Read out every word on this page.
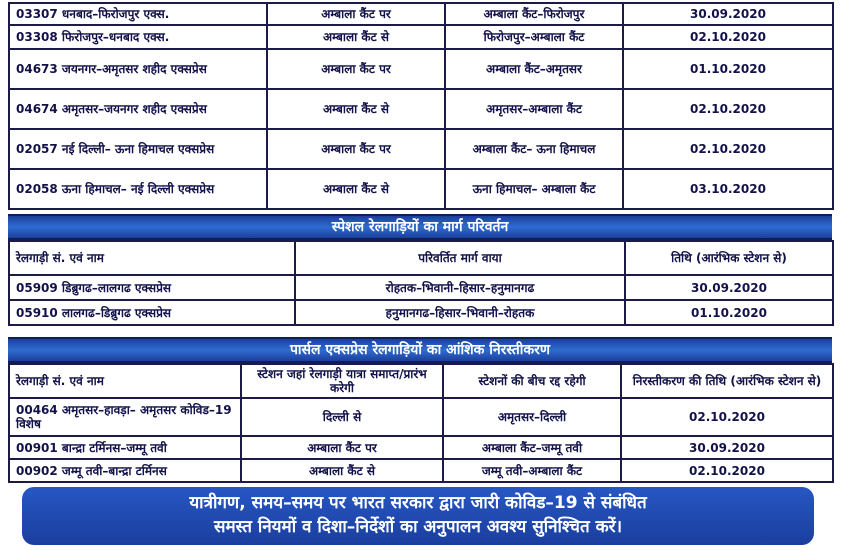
03307 धनबाद–फिरोजपुर एक्स.	अम्बाला कैंट पर	अम्बाला कैंट–फिरोजपुर	30.09.2020
03308 फिरोजपुर–धनबाद एक्स.	अम्बाला कैंट से	फिरोजपुर–अम्बाला कैंट	02.10.2020
04673 जयनगर–अमृतसर शहीद एक्सप्रेस	अम्बाला कैंट पर	अम्बाला कैंट–अमृतसर	01.10.2020
04674 अमृतसर–जयनगर शहीद एक्सप्रेस	अम्बाला कैंट से	अमृतसर–अम्बाला कैंट	02.10.2020
02057 नई दिल्ली– ऊना हिमाचल एक्सप्रेस	अम्बाला कैंट पर	अम्बाला कैंट– ऊना हिमाचल	02.10.2020
02058 ऊना हिमाचल– नई दिल्ली एक्सप्रेस	अम्बाला कैंट से	ऊना हिमाचल– अम्बाला कैंट	03.10.2020
स्पेशल रेलगाड़ियों का मार्ग परिवर्तन
रेलगाड़ी सं. एवं नाम	परिवर्तित मार्ग वाया	तिथि (आरंभिक स्टेशन से)
05909 डिब्रुगढ–लालगढ एक्सप्रेस	रोहतक–भिवानी–हिसार–हनुमानगढ	30.09.2020
05910 लालगढ–डिब्रुगढ एक्सप्रेस	हनुमानगढ–हिसार–भिवानी–रोहतक	01.10.2020
पार्सल एक्सप्रेस रेलगाड़ियों का आंशिक निरस्तीकरण
रेलगाड़ी सं. एवं नाम	स्टेशन जहां रेलगाड़ी यात्रा समाप्त/प्रारंभ करेगी	स्टेशनों की बीच रद्द रहेगी	निरस्तीकरण की तिथि (आरंभिक स्टेशन से)
00464 अमृतसर–हावड़ा– अमृतसर कोविड–19 विशेष	दिल्ली से	अमृतसर–दिल्ली	02.10.2020
00901 बान्द्रा टर्मिनस–जम्मू तवी	अम्बाला कैंट पर	अम्बाला कैंट–जम्मू तवी	30.09.2020
00902 जम्मू तवी–बान्द्रा टर्मिनस	अम्बाला कैंट से	जम्मू तवी–अम्बाला कैंट	02.10.2020
यात्रीगण, समय–समय पर भारत सरकार द्वारा जारी कोविड–19 से संबंधित
समस्त नियमों व दिशा–निर्देशों का अनुपालन अवश्य सुनिश्चित करें।
